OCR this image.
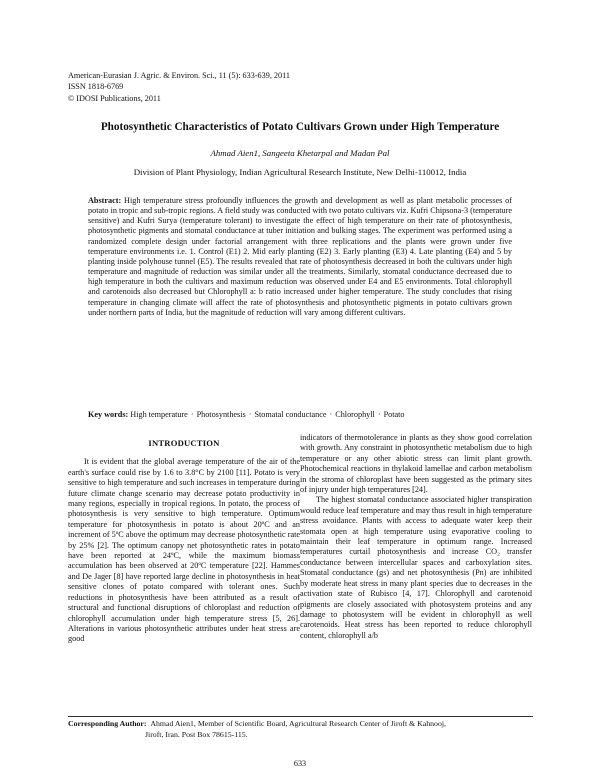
American-Eurasian J. Agric. & Environ. Sci., 11 (5): 633-639, 2011
ISSN 1818-6769
© IDOSI Publications, 2011
Photosynthetic Characteristics of Potato Cultivars Grown under High Temperature
Ahmad Aien1, Sangeeta Khetarpal and Madan Pal
Division of Plant Physiology, Indian Agricultural Research Institute, New Delhi-110012, India
Abstract: High temperature stress profoundly influences the growth and development as well as plant metabolic processes of potato in tropic and sub-tropic regions. A field study was conducted with two potato cultivars viz. Kufri Chipsona-3 (temperature sensitive) and Kufri Surya (temperature tolerant) to investigate the effect of high temperature on their rate of photosynthesis, photosynthetic pigments and stomatal conductance at tuber initiation and bulking stages. The experiment was performed using a randomized complete design under factorial arrangement with three replications and the plants were grown under five temperature environments i.e. 1. Control (E1) 2. Mid early planting (E2) 3. Early planting (E3) 4. Late planting (E4) and 5 by planting inside polyhouse tunnel (E5). The results revealed that rate of photosynthesis decreased in both the cultivars under high temperature and magnitude of reduction was similar under all the treatments. Similarly, stomatal conductance decreased due to high temperature in both the cultivars and maximum reduction was observed under E4 and E5 environments. Total chlorophyll and carotenoids also decreased but Chlorophyll a: b ratio increased under higher temperature. The study concludes that rising temperature in changing climate will affect the rate of photosynthesis and photosynthetic pigments in potato cultivars grown under northern parts of India, but the magnitude of reduction will vary among different cultivars.
Key words: High temperature · Photosynthesis · Stomatal conductance · Chlorophyll · Potato
INTRODUCTION

It is evident that the global average temperature of the air of the earth's surface could rise by 1.6 to 3.8°C by 2100 [11]. Potato is very sensitive to high temperature and such increases in temperature during future climate change scenario may decrease potato productivity in many regions, especially in tropical regions. In potato, the process of photosynthesis is very sensitive to high temperature. Optimum temperature for photosynthesis in potato is about 20ºC and an increment of 5ºC above the optimum may decrease photosynthetic rate by 25% [2]. The optimum canopy net photosynthetic rates in potato have been reported at 24ºC, while the maximum biomass accumulation has been observed at 20ºC temperature [22]. Hammes and De Jager [8] have reported large decline in photosynthesis in heat sensitive clones of potato compared with tolerant ones. Such reductions in photosynthesis have been attributed as a result of structural and functional disruptions of chloroplast and reduction of chlorophyll accumulation under high temperature stress [5, 26]. Alterations in various photosynthetic attributes under heat stress are good

indicators of thermotolerance in plants as they show good correlation with growth. Any constraint in photosynthetic metabolism due to high temperature or any other abiotic stress can limit plant growth. Photochemical reactions in thylakoid lamellae and carbon metabolism in the stroma of chloroplast have been suggested as the primary sites of injury under high temperatures [24].

The highest stomatal conductance associated higher transpiration would reduce leaf temperature and may thus result in high temperature stress avoidance. Plants with access to adequate water keep their stomata open at high temperature using evaporative cooling to maintain their leaf temperature in optimum range. Increased temperatures curtail photosynthesis and increase CO₂ transfer conductance between intercellular spaces and carboxylation sites. Stomatal conductance (gs) and net photosynthesis (Pn) are inhibited by moderate heat stress in many plant species due to decreases in the activation state of Rubisco [4, 17]. Chlorophyll and carotenoid pigments are closely associated with photosystem proteins and any damage to photosystem will be evident in chlorophyll as well carotenoids. Heat stress has been reported to reduce chlorophyll content, chlorophyll a/b

Corresponding Author: Ahmad Aien1, Member of Scientific Board, Agricultural Research Center of Jiroft & Kahnooj,
Jiroft, Iran. Post Box 78615-115.
633
